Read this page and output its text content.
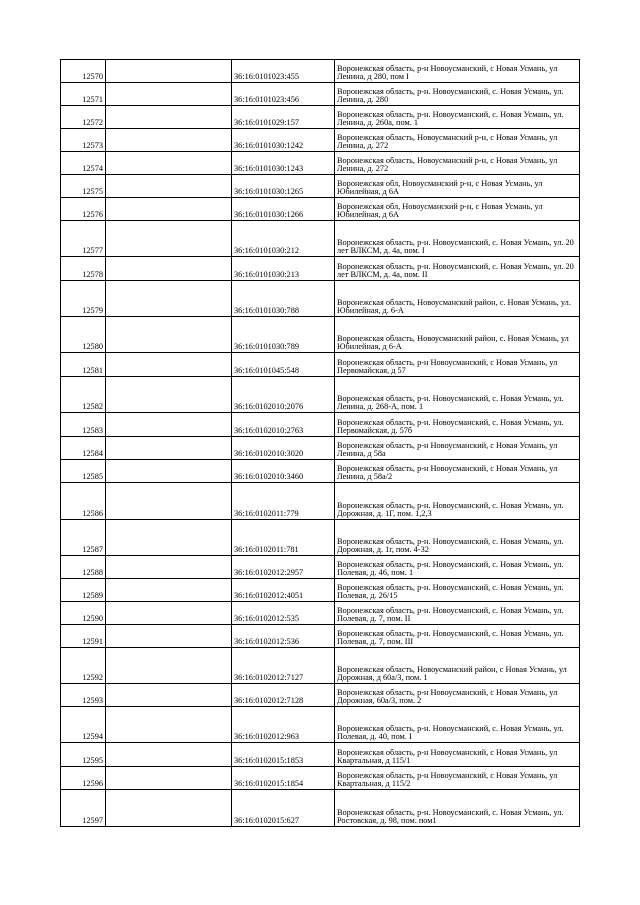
12570		36:16:0101023:455	Воронежская область, р-н Новоусманский, с Новая Усмань, ул Ленина, д 280, пом I
12571		36:16:0101023:456	Воронежская область, р-н. Новоусманский, с. Новая Усмань, ул. Ленина, д. 280
12572		36:16:0101029:157	Воронежская область, р-н. Новоусманский, с. Новая Усмань, ул. Ленина, д. 260а, пом. 1
12573		36:16:0101030:1242	Воронежская область, Новоусманский р-н, с Новая Усмань, ул Ленина, д. 272
12574		36:16:0101030:1243	Воронежская область, Новоусманский р-н, с Новая Усмань, ул Ленина, д. 272
12575		36:16:0101030:1265	Воронежская обл, Новоусманский р-н, с Новая Усмань, ул Юбилейная, д 6А
12576		36:16:0101030:1266	Воронежская обл, Новоусманский р-н, с Новая Усмань, ул Юбилейная, д 6А
12577		36:16:0101030:212	Воронежская область, р-н. Новоусманский, с. Новая Усмань, ул. 20 лет ВЛКСМ, д. 4а, пом. I
12578		36:16:0101030:213	Воронежская область, р-н. Новоусманский, с. Новая Усмань, ул. 20 лет ВЛКСМ, д. 4а, пом. II
12579		36:16:0101030:788	Воронежская область, Новоусманский район, с. Новая Усмань, ул. Юбилейная, д. 6-А
12580		36:16:0101030:789	Воронежская область, Новоусманский район, с. Новая Усмань, ул Юбилейная, д 6-А
12581		36:16:0101045:548	Воронежская область, р-н Новоусманский, с Новая Усмань, ул Первомайская, д 57
12582		36:16:0102010:2076	Воронежская область, р-н. Новоусманский, с. Новая Усмань, ул. Ленина, д. 268-А, пом. 1
12583		36:16:0102010:2763	Воронежская область, р-н. Новоусманский, с. Новая Усмань, ул. Первомайская, д. 57б
12584		36:16:0102010:3020	Воронежская область, р-н Новоусманский, с Новая Усмань, ул Ленина, д 58а
12585		36:16:0102010:3460	Воронежская область, р-н Новоусманский, с Новая Усмань, ул Ленина, д 58а/2
12586		36:16:0102011:779	Воронежская область, р-н. Новоусманский, с. Новая Усмань, ул. Дорожная, д. 1Г, пом. 1,2,3
12587		36:16:0102011:781	Воронежская область, р-н. Новоусманский, с. Новая Усмань, ул. Дорожная, д. 1г, пом. 4-32
12588		36:16:0102012:2957	Воронежская область, р-н. Новоусманский, с. Новая Усмань, ул. Полевая, д. 46, пом. 1
12589		36:16:0102012:4051	Воронежская область, р-н. Новоусманский, с. Новая Усмань, ул. Полевая, д. 26/15
12590		36:16:0102012:535	Воронежская область, р-н. Новоусманский, с. Новая Усмань, ул. Полевая, д. 7, пом. II
12591		36:16:0102012:536	Воронежская область, р-н. Новоусманский, с. Новая Усмань, ул. Полевая, д. 7, пом. III
12592		36:16:0102012:7127	Воронежская область, Новоусманский район, с Новая Усмань, ул Дорожная, д 60а/3, пом. 1
12593		36:16:0102012:7128	Воронежская область, р-н Новоусманский, с Новая Усмань, ул Дорожная, 60а/3, пом. 2
12594		36:16:0102012:963	Воронежская область, р-н. Новоусманский, с. Новая Усмань, ул. Полевая, д. 40, пом. I
12595		36:16:0102015:1853	Воронежская область, р-н Новоусманский, с Новая Усмань, ул Квартальная, д 115/1
12596		36:16:0102015:1854	Воронежская область, р-н Новоусманский, с Новая Усмань, ул Квартальная, д 115/2
12597		36:16:0102015:627	Воронежская область, р-н. Новоусманский, с. Новая Усмань, ул. Ростовская, д. 98, пом. пом1
